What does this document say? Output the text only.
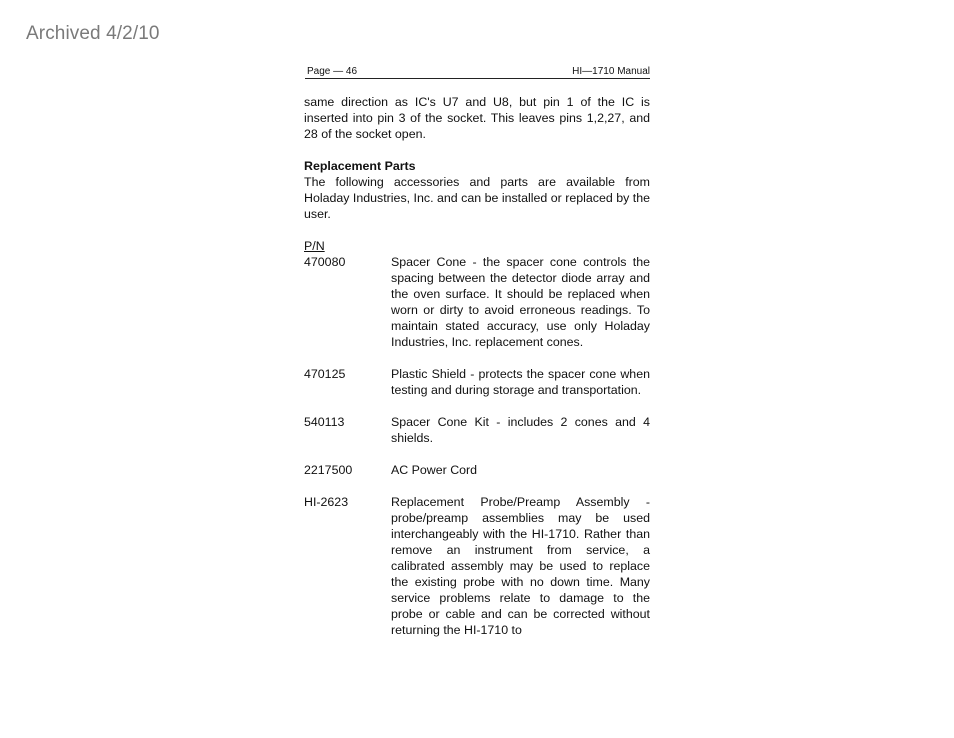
Archived 4/2/10
Page — 46	HI—1710 Manual

same direction as IC's U7 and U8, but pin 1 of the IC is inserted into pin 3 of the socket. This leaves pins 1,2,27, and 28 of the socket open.

Replacement Parts

The following accessories and parts are available from Holaday Industries, Inc. and can be installed or replaced by the user.

P/N

470080	Spacer Cone - the spacer cone controls the spacing between the detector diode array and the oven surface. It should be replaced when worn or dirty to avoid erroneous readings. To maintain stated accuracy, use only Holaday Industries, Inc. replacement cones.
470125	Plastic Shield - protects the spacer cone when testing and during storage and transportation.
540113	Spacer Cone Kit - includes 2 cones and 4 shields.
2217500	AC Power Cord
HI-2623	Replacement Probe/Preamp Assembly - probe/preamp assemblies may be used interchangeably with the HI-1710. Rather than remove an instrument from service, a calibrated assembly may be used to replace the existing probe with no down time. Many service problems relate to damage to the probe or cable and can be corrected without returning the HI-1710 to
